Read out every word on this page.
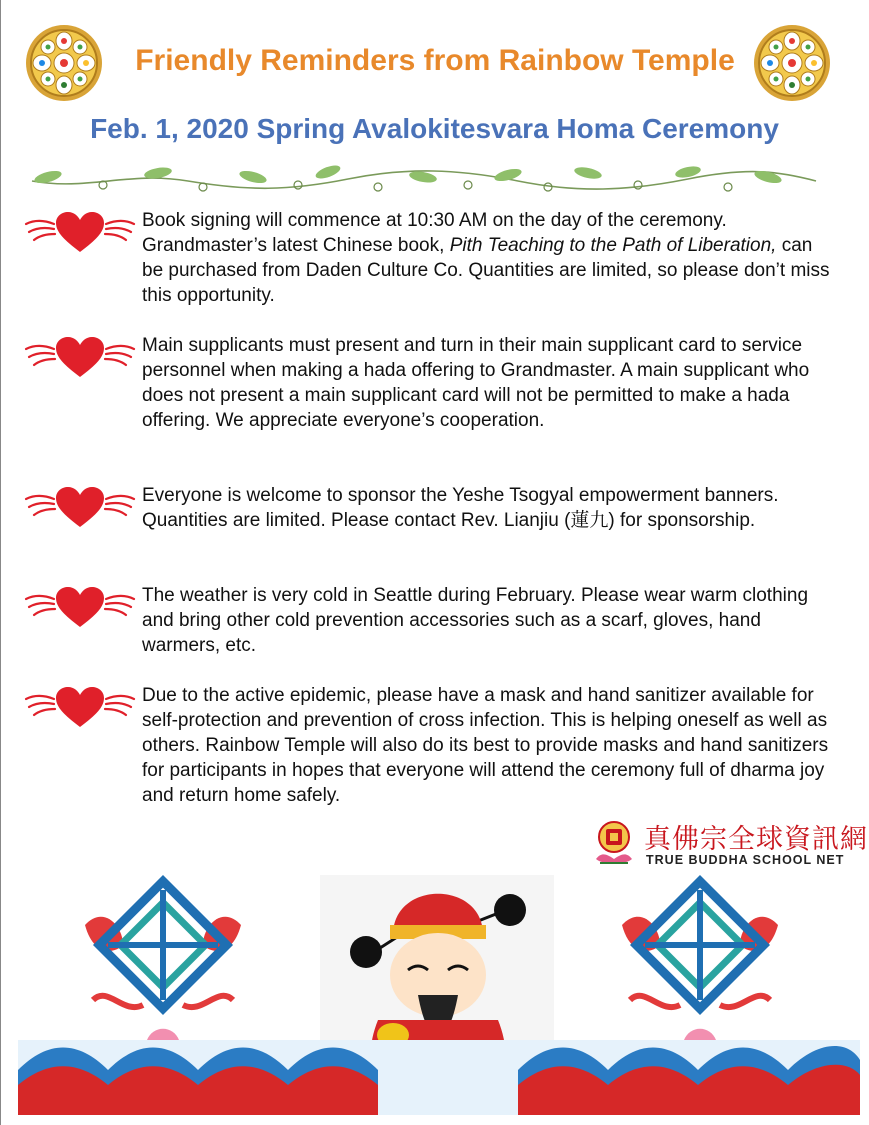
Friendly Reminders from Rainbow Temple
Feb. 1, 2020 Spring Avalokitesvara Homa Ceremony
Book signing will commence at 10:30 AM on the day of the ceremony. Grandmaster’s latest Chinese book, Pith Teaching to the Path of Liberation, can be purchased from Daden Culture Co. Quantities are limited, so please don’t miss this opportunity.
Main supplicants must present and turn in their main supplicant card to service personnel when making a hada offering to Grandmaster. A main supplicant who does not present a main supplicant card will not be permitted to make a hada offering. We appreciate everyone’s cooperation.
Everyone is welcome to sponsor the Yeshe Tsogyal empowerment banners. Quantities are limited. Please contact Rev. Lianjiu (蓮九) for sponsorship.
The weather is very cold in Seattle during February. Please wear warm clothing and bring other cold prevention accessories such as a scarf, gloves, hand warmers, etc.
Due to the active epidemic, please have a mask and hand sanitizer available for self-protection and prevention of cross infection. This is helping oneself as well as others. Rainbow Temple will also do its best to provide masks and hand sanitizers for participants in hopes that everyone will attend the ceremony full of dharma joy and return home safely.
真佛宗全球資訊網
TRUE BUDDHA SCHOOL NET
